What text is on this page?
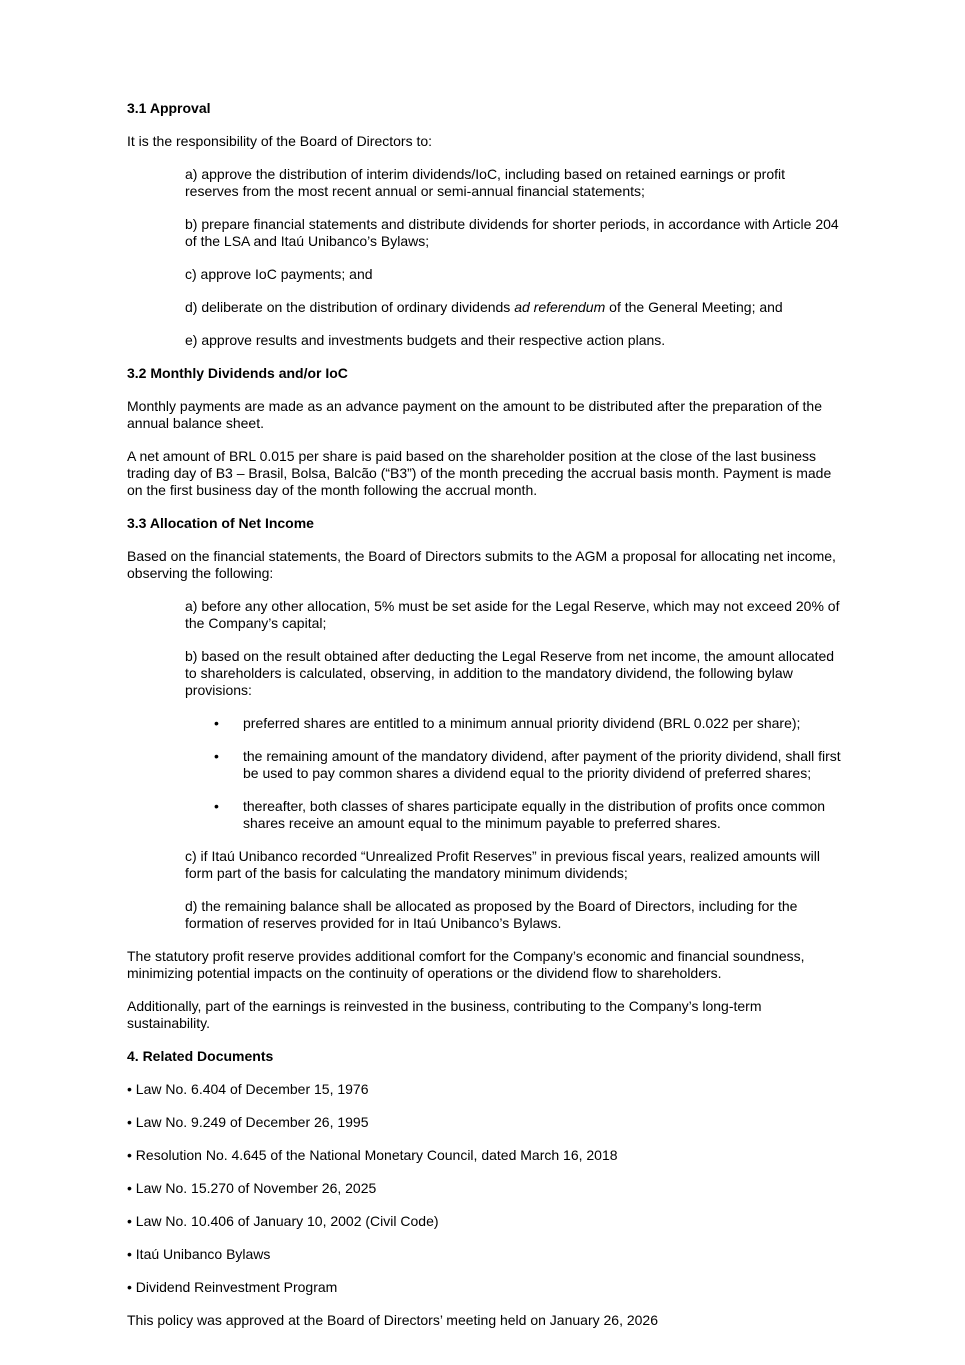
3.1 Approval
It is the responsibility of the Board of Directors to:
a) approve the distribution of interim dividends/IoC, including based on retained earnings or profit reserves from the most recent annual or semi-annual financial statements;
b) prepare financial statements and distribute dividends for shorter periods, in accordance with Article 204 of the LSA and Itaú Unibanco’s Bylaws;
c) approve IoC payments; and
d) deliberate on the distribution of ordinary dividends ad referendum of the General Meeting; and
e) approve results and investments budgets and their respective action plans.
3.2 Monthly Dividends and/or IoC
Monthly payments are made as an advance payment on the amount to be distributed after the preparation of the annual balance sheet.
A net amount of BRL 0.015 per share is paid based on the shareholder position at the close of the last business trading day of B3 – Brasil, Bolsa, Balcão (“B3”) of the month preceding the accrual basis month. Payment is made on the first business day of the month following the accrual month.
3.3 Allocation of Net Income
Based on the financial statements, the Board of Directors submits to the AGM a proposal for allocating net income, observing the following:
a) before any other allocation, 5% must be set aside for the Legal Reserve, which may not exceed 20% of the Company’s capital;
b) based on the result obtained after deducting the Legal Reserve from net income, the amount allocated to shareholders is calculated, observing, in addition to the mandatory dividend, the following bylaw provisions:
• preferred shares are entitled to a minimum annual priority dividend (BRL 0.022 per share);
• the remaining amount of the mandatory dividend, after payment of the priority dividend, shall first be used to pay common shares a dividend equal to the priority dividend of preferred shares;
• thereafter, both classes of shares participate equally in the distribution of profits once common shares receive an amount equal to the minimum payable to preferred shares.
c) if Itaú Unibanco recorded “Unrealized Profit Reserves” in previous fiscal years, realized amounts will form part of the basis for calculating the mandatory minimum dividends;
d) the remaining balance shall be allocated as proposed by the Board of Directors, including for the formation of reserves provided for in Itaú Unibanco’s Bylaws.
The statutory profit reserve provides additional comfort for the Company’s economic and financial soundness, minimizing potential impacts on the continuity of operations or the dividend flow to shareholders.
Additionally, part of the earnings is reinvested in the business, contributing to the Company’s long-term sustainability.
4. Related Documents
• Law No. 6.404 of December 15, 1976
• Law No. 9.249 of December 26, 1995
• Resolution No. 4.645 of the National Monetary Council, dated March 16, 2018
• Law No. 15.270 of November 26, 2025
• Law No. 10.406 of January 10, 2002 (Civil Code)
• Itaú Unibanco Bylaws
• Dividend Reinvestment Program
This policy was approved at the Board of Directors’ meeting held on January 26, 2026
